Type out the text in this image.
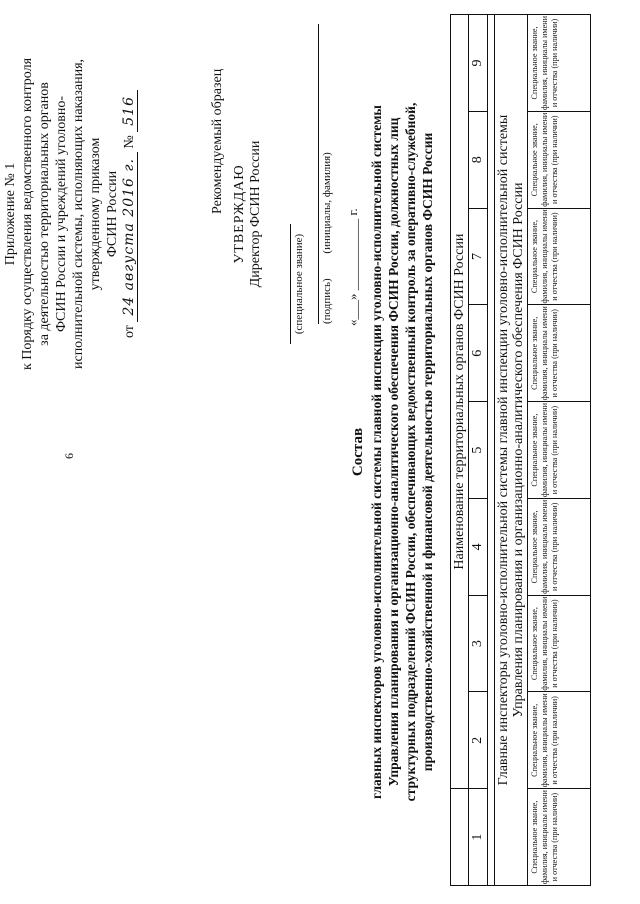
6
Приложение № 1 к Порядку осуществления ведомственного контроля за деятельностью территориальных органов ФСИН России и учреждений уголовно- исполнительной системы, исполняющих наказания, утвержденному приказом ФСИН России
от 24 августа 2016 г. № 516	Рекомендуемый образец УТВЕРЖДАЮ Директор ФСИН России	(специальное звание) (подпись) (инициалы, фамилия)
«___» ___________ г.
Состав главных инспекторов уголовно-исполнительной системы главной инспекции уголовно-исполнительной системы Управления планирования и организационно-аналитического обеспечения ФСИН России, должностных лиц структурных подразделений ФСИН России, обеспечивающих ведомственный контроль за оперативно-служебной, производственно-хозяйственной и финансовой деятельностью территориальных органов ФСИН России
	Наименование территориальных органов ФСИН России							
1	2	3	4	5	6	7	8	9

Главные инспекторы уголовно-исполнительной системы главной инспекции уголовно-исполнительной системы Управления планирования и организационно-аналитического обеспечения ФСИН России								

Специальное звание, фамилия, инициалы имени и отчества (при наличии)	Специальное звание, фамилия, инициалы имени и отчества (при наличии)	Специальное звание, фамилия, инициалы имени и отчества (при наличии)	Специальное звание, фамилия, инициалы имени и отчества (при наличии)	Специальное звание, фамилия, инициалы имени и отчества (при наличии)	Специальное звание, фамилия, инициалы имени и отчества (при наличии)	Специальное звание, фамилия, инициалы имени и отчества (при наличии)	Специальное звание, фамилия, инициалы имени и отчества (при наличии)	Специальное звание, фамилия, инициалы имени и отчества (при наличии)
